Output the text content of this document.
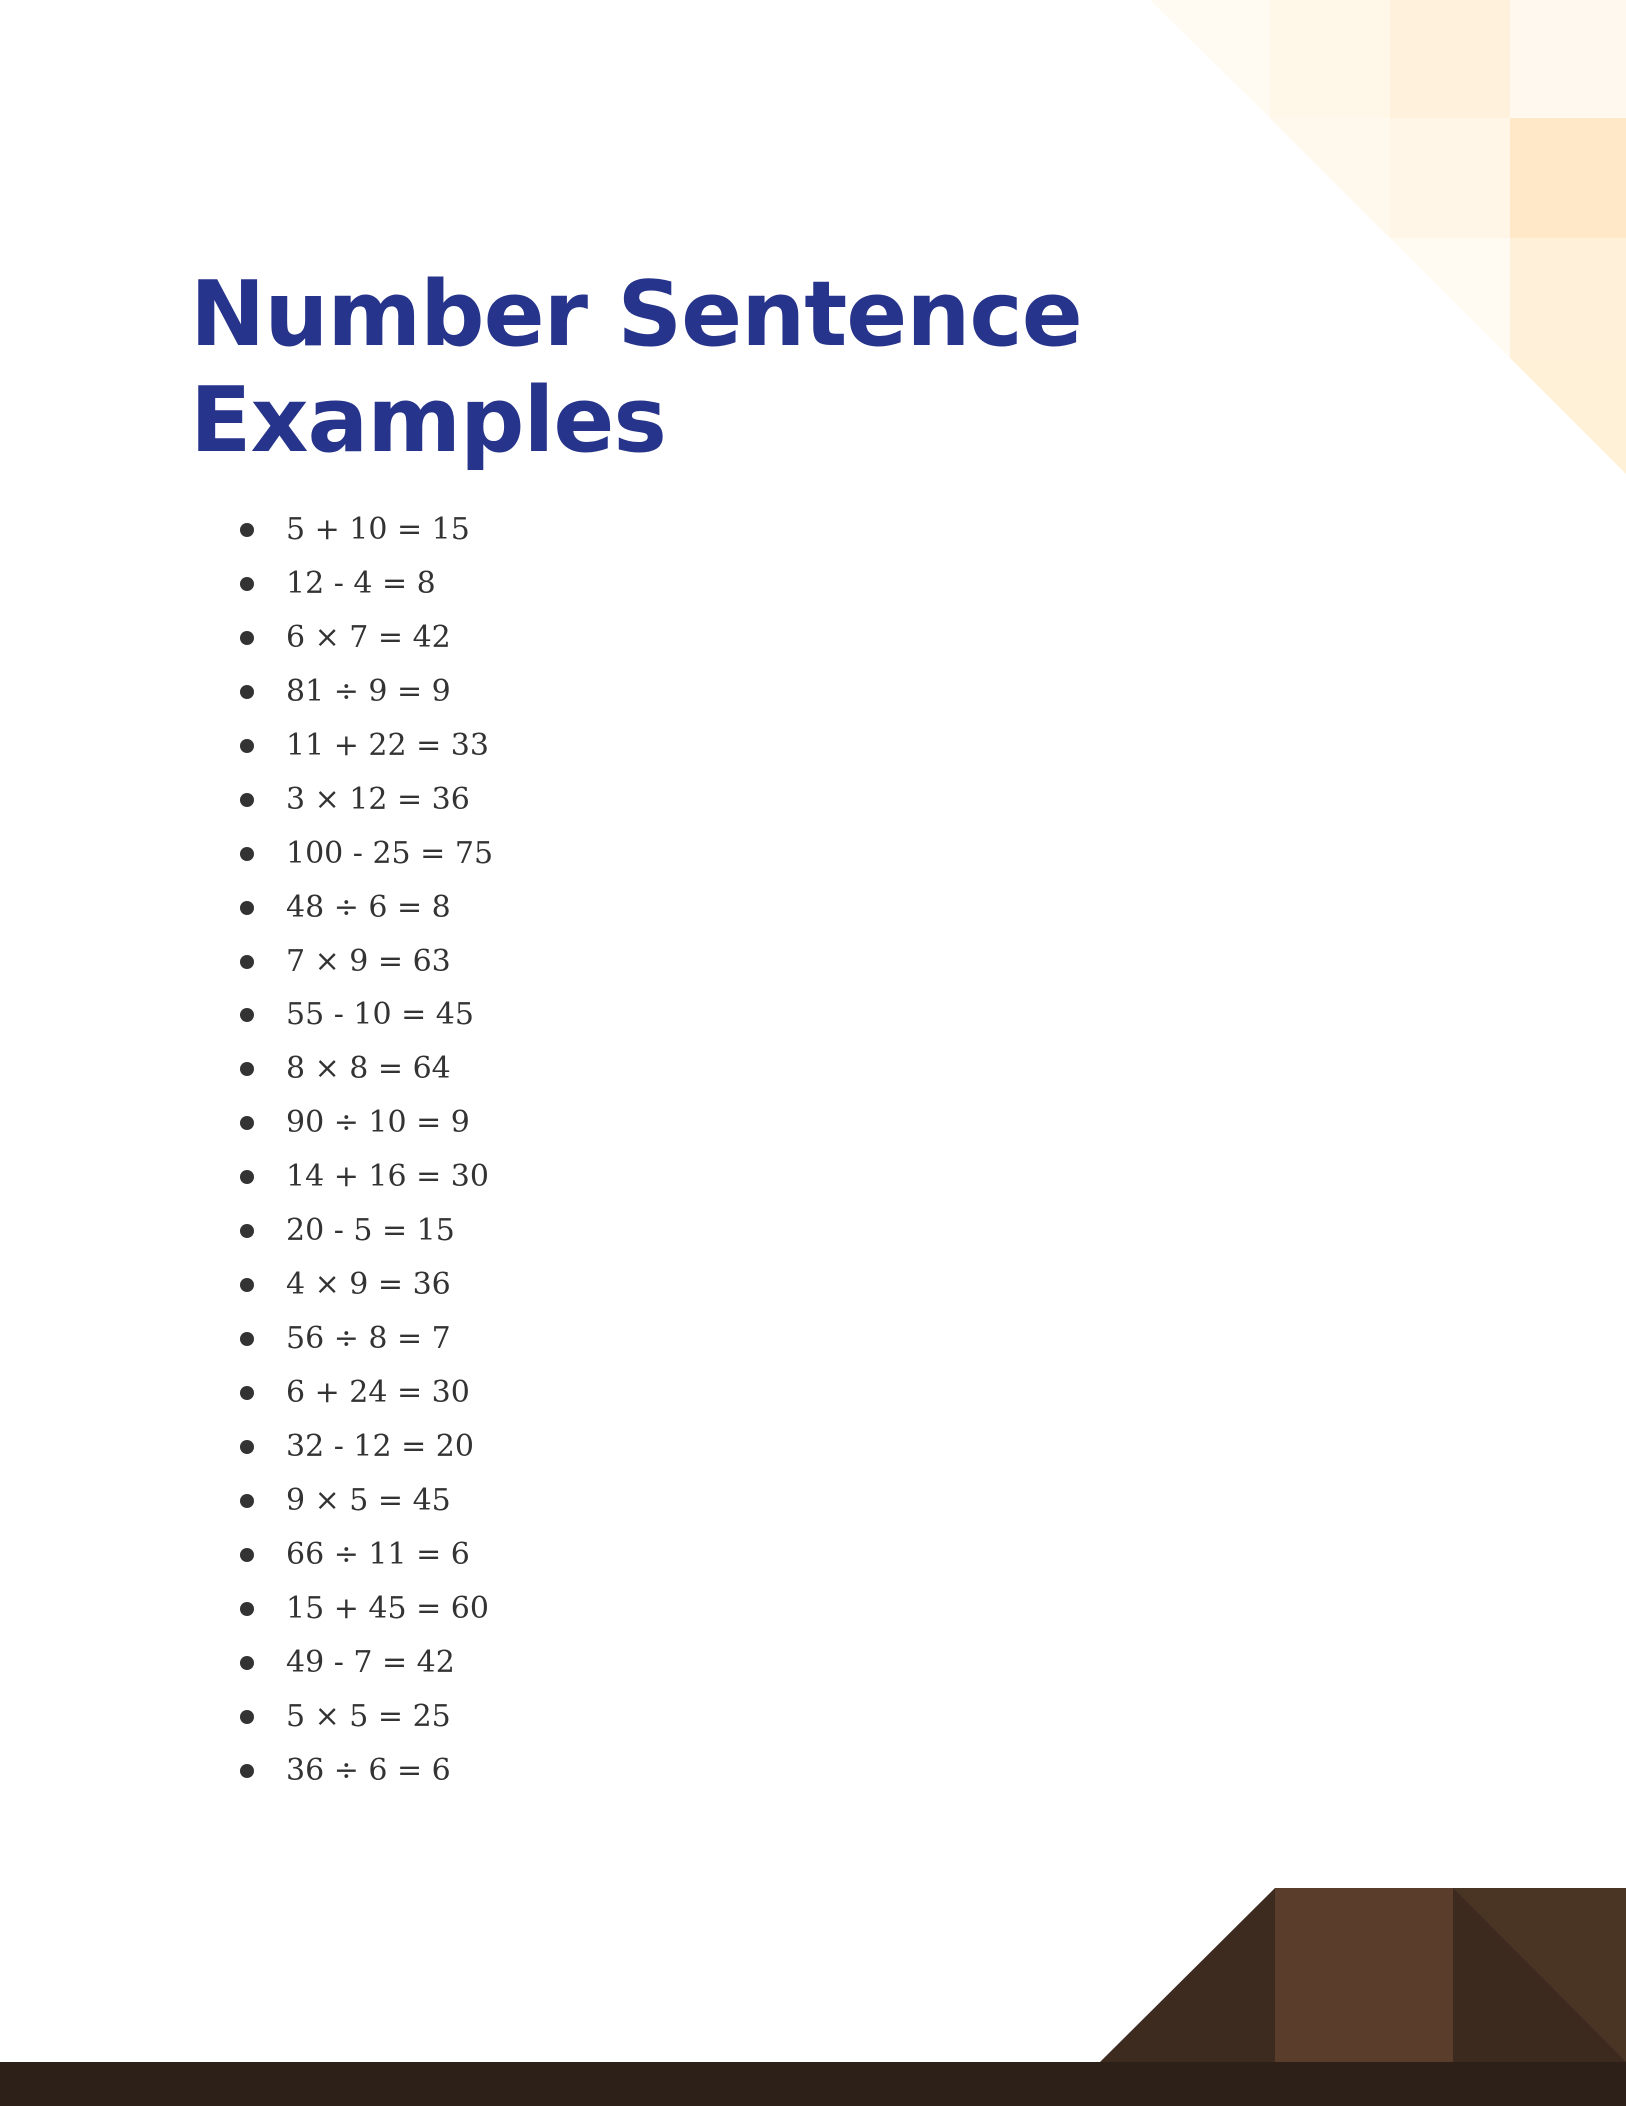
Number Sentence Examples
5 + 10 = 15
12 - 4 = 8
6 × 7 = 42
81 ÷ 9 = 9
11 + 22 = 33
3 × 12 = 36
100 - 25 = 75
48 ÷ 6 = 8
7 × 9 = 63
55 - 10 = 45
8 × 8 = 64
90 ÷ 10 = 9
14 + 16 = 30
20 - 5 = 15
4 × 9 = 36
56 ÷ 8 = 7
6 + 24 = 30
32 - 12 = 20
9 × 5 = 45
66 ÷ 11 = 6
15 + 45 = 60
49 - 7 = 42
5 × 5 = 25
36 ÷ 6 = 6
